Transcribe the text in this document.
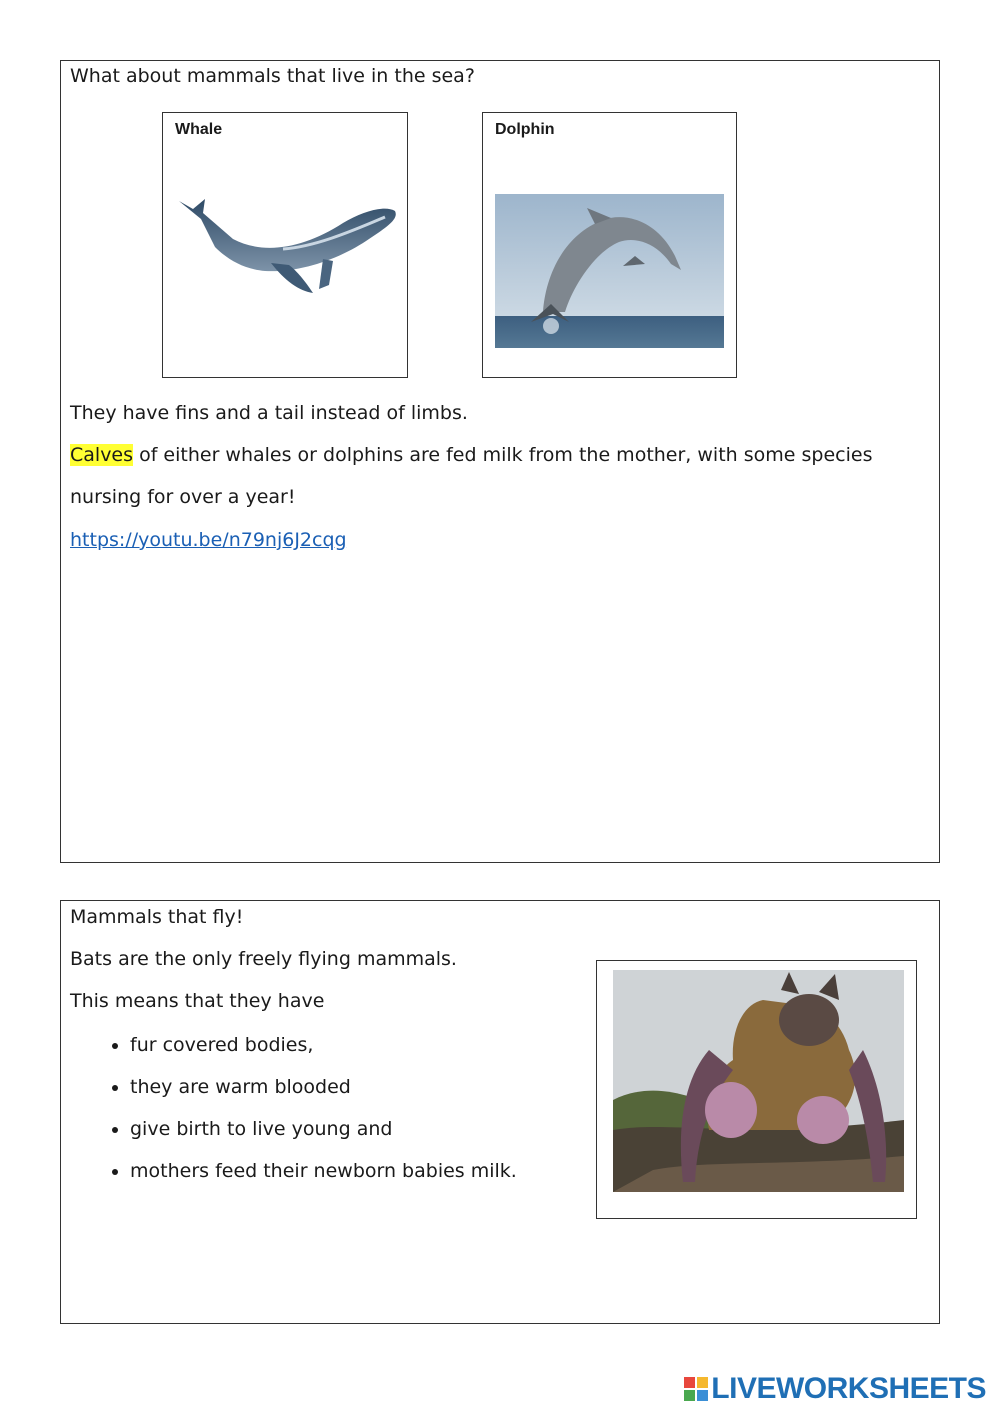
What about mammals that live in the sea?
Whale	Dolphin
They have fins and a tail instead of limbs.
Calves of either whales or dolphins are fed milk from the mother, with some species
nursing for over a year!
https://youtu.be/n79nj6J2cqg
Mammals that fly!
Bats are the only freely flying mammals.
This means that they have
• fur covered bodies,
• they are warm blooded
• give birth to live young and
• mothers feed their newborn babies milk.
LIVEWORKSHEETS
